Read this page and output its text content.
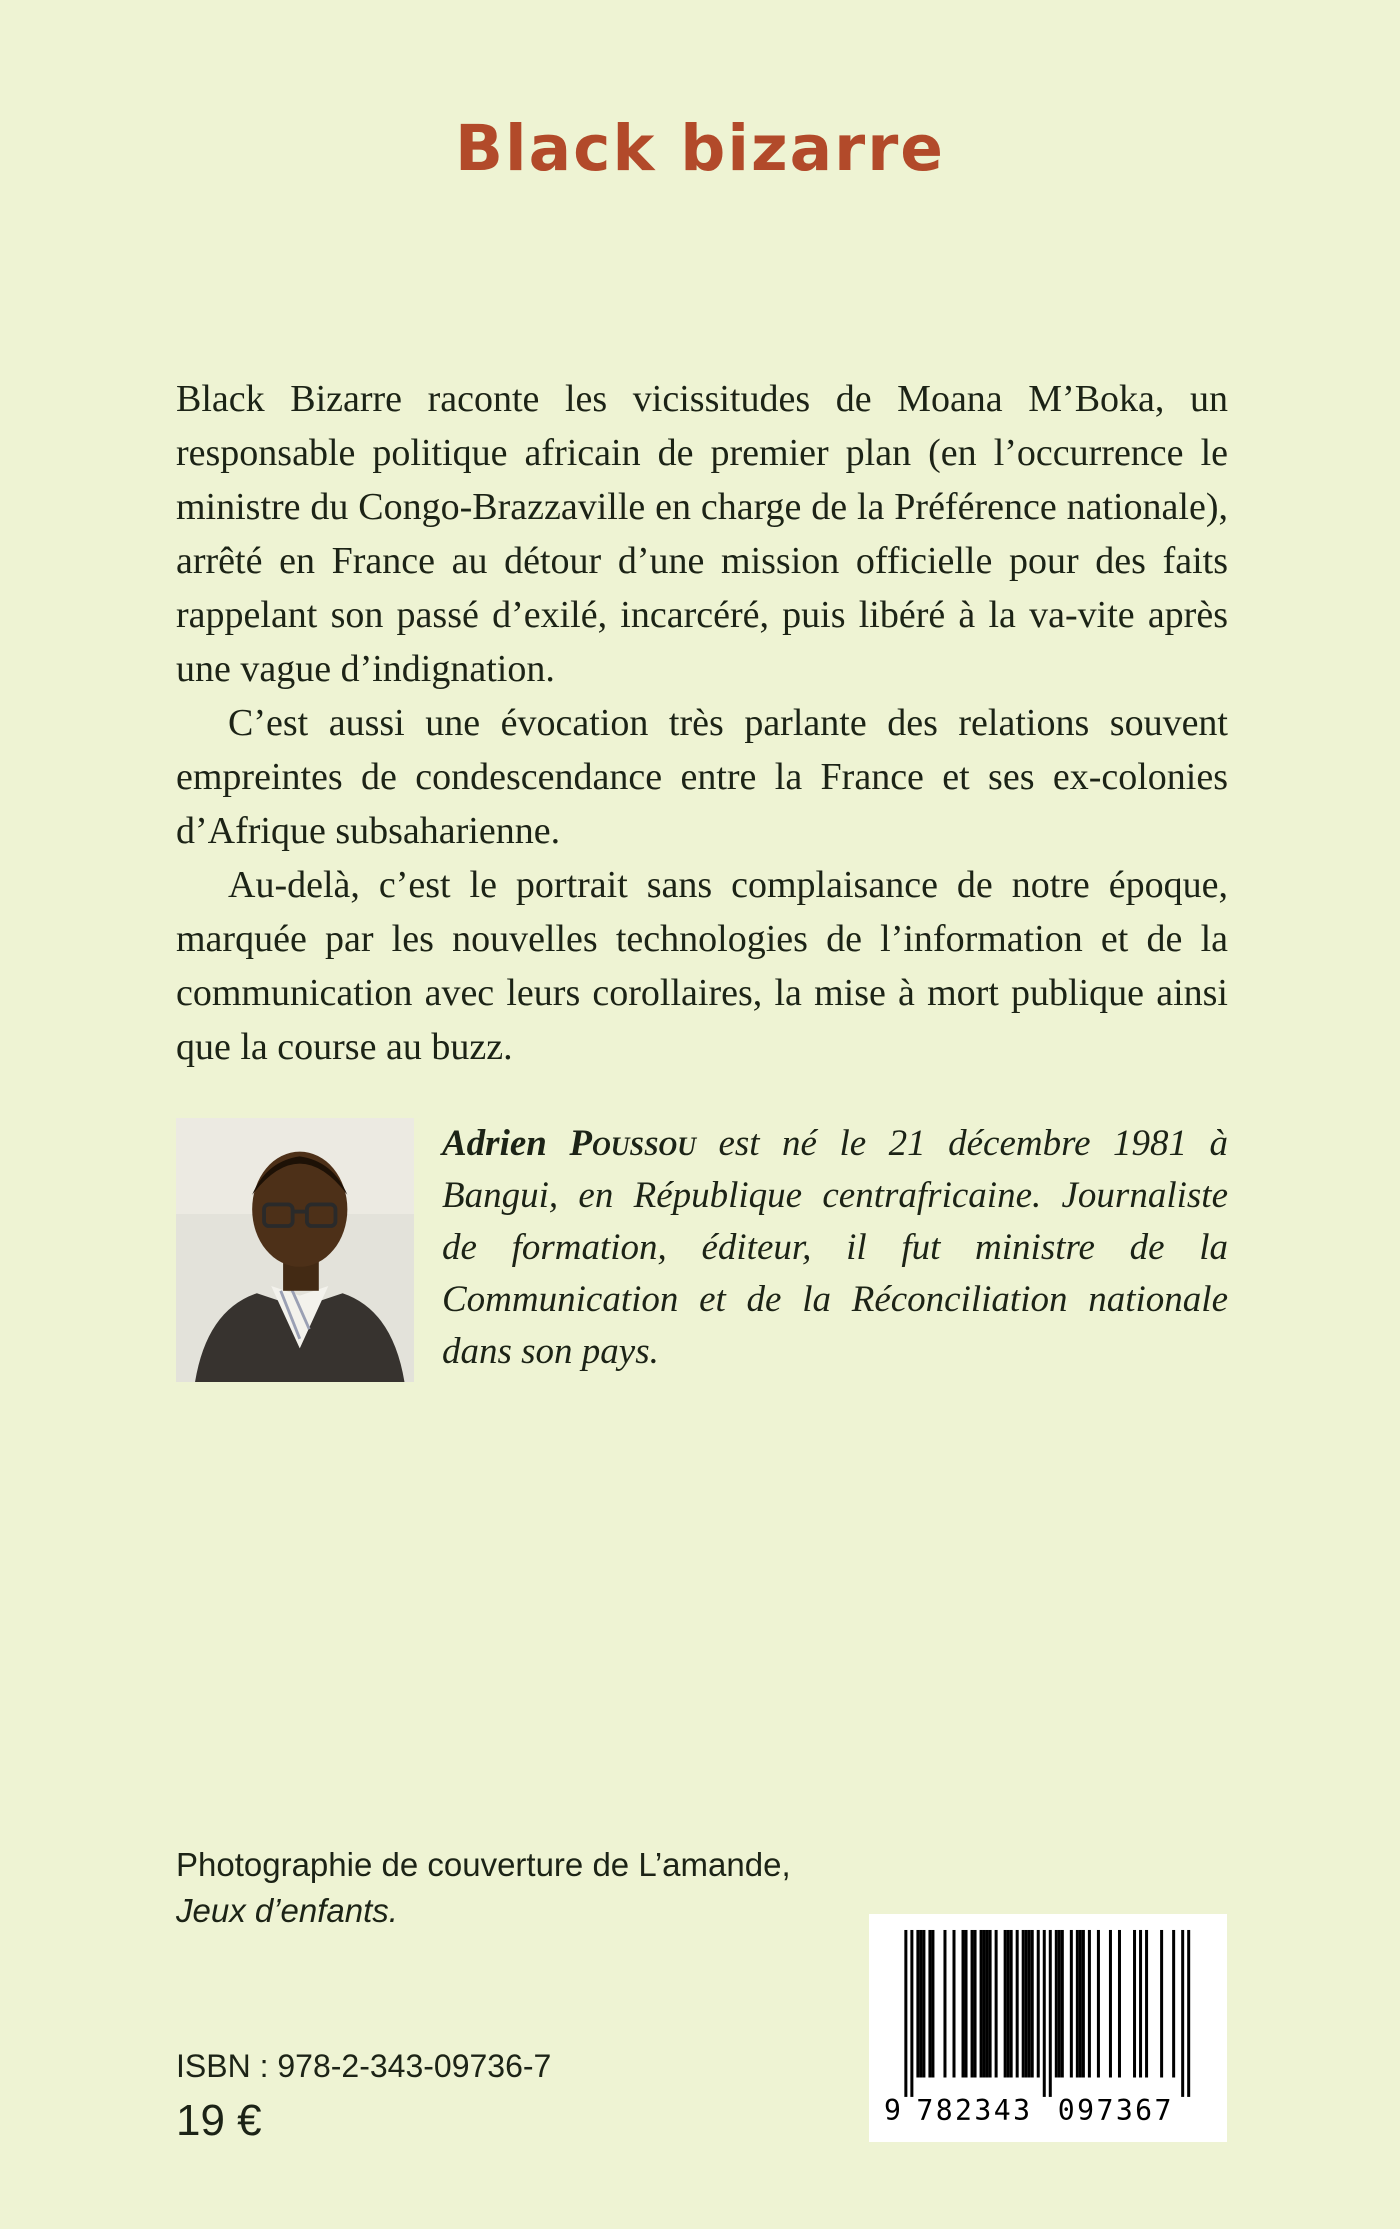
Black bizarre

Black Bizarre raconte les vicissitudes de Moana M’Boka, un responsable politique africain de premier plan (en l’occurrence le ministre du Congo-Brazzaville en charge de la Préférence nationale), arrêté en France au détour d’une mission officielle pour des faits rappelant son passé d’exilé, incarcéré, puis libéré à la va-vite après une vague d’indignation.

C’est aussi une évocation très parlante des relations souvent empreintes de condescendance entre la France et ses ex-colonies d’Afrique subsaharienne.

Au-delà, c’est le portrait sans complaisance de notre époque, marquée par les nouvelles technologies de l’information et de la communication avec leurs corollaires, la mise à mort publique ainsi que la course au buzz.

Adrien Poussou est né le 21 décembre 1981 à Bangui, en République centrafricaine. Journaliste de formation, éditeur, il fut ministre de la Communication et de la Réconciliation nationale dans son pays.
Photographie de couverture de L’amande,
Jeux d’enfants.
ISBN : 978-2-343-09736-7
19 €	9 782343 097367
